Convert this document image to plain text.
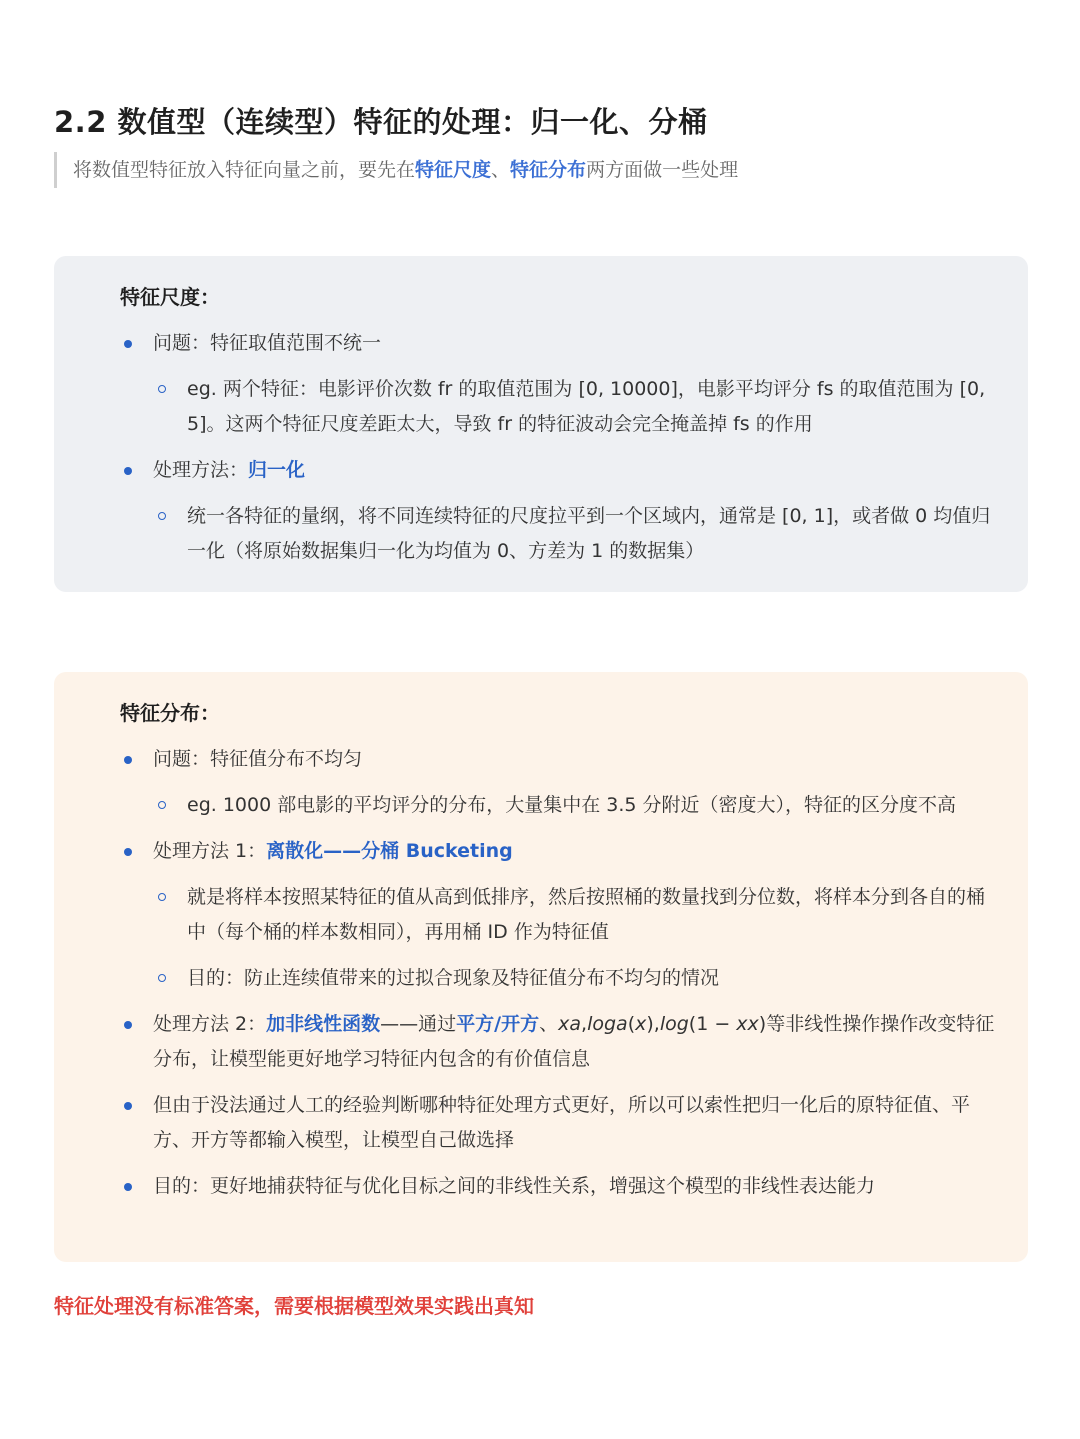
2.2 数值型（连续型）特征的处理：归一化、分桶
将数值型特征放入特征向量之前，要先在特征尺度、特征分布两方面做一些处理
特征尺度：
问题：特征取值范围不统一
eg. 两个特征：电影评价次数 fr 的取值范围为 [0, 10000]，电影平均评分 fs 的取值范围为 [0, 5]。这两个特征尺度差距太大，导致 fr 的特征波动会完全掩盖掉 fs 的作用
处理方法：归一化
统一各特征的量纲，将不同连续特征的尺度拉平到一个区域内，通常是 [0, 1]，或者做 0 均值归一化（将原始数据集归一化为均值为 0、方差为 1 的数据集）
特征分布：
问题：特征值分布不均匀
eg. 1000 部电影的平均评分的分布，大量集中在 3.5 分附近（密度大），特征的区分度不高
处理方法 1：离散化——分桶 Bucketing
就是将样本按照某特征的值从高到低排序，然后按照桶的数量找到分位数，将样本分到各自的桶中（每个桶的样本数相同），再用桶 ID 作为特征值
目的：防止连续值带来的过拟合现象及特征值分布不均匀的情况
处理方法 2：加非线性函数——通过平方/开方、xa,loga(x),log(1 − xx)等非线性操作操作改变特征分布，让模型能更好地学习特征内包含的有价值信息
但由于没法通过人工的经验判断哪种特征处理方式更好，所以可以索性把归一化后的原特征值、平方、开方等都输入模型，让模型自己做选择
目的：更好地捕获特征与优化目标之间的非线性关系，增强这个模型的非线性表达能力
特征处理没有标准答案，需要根据模型效果实践出真知
